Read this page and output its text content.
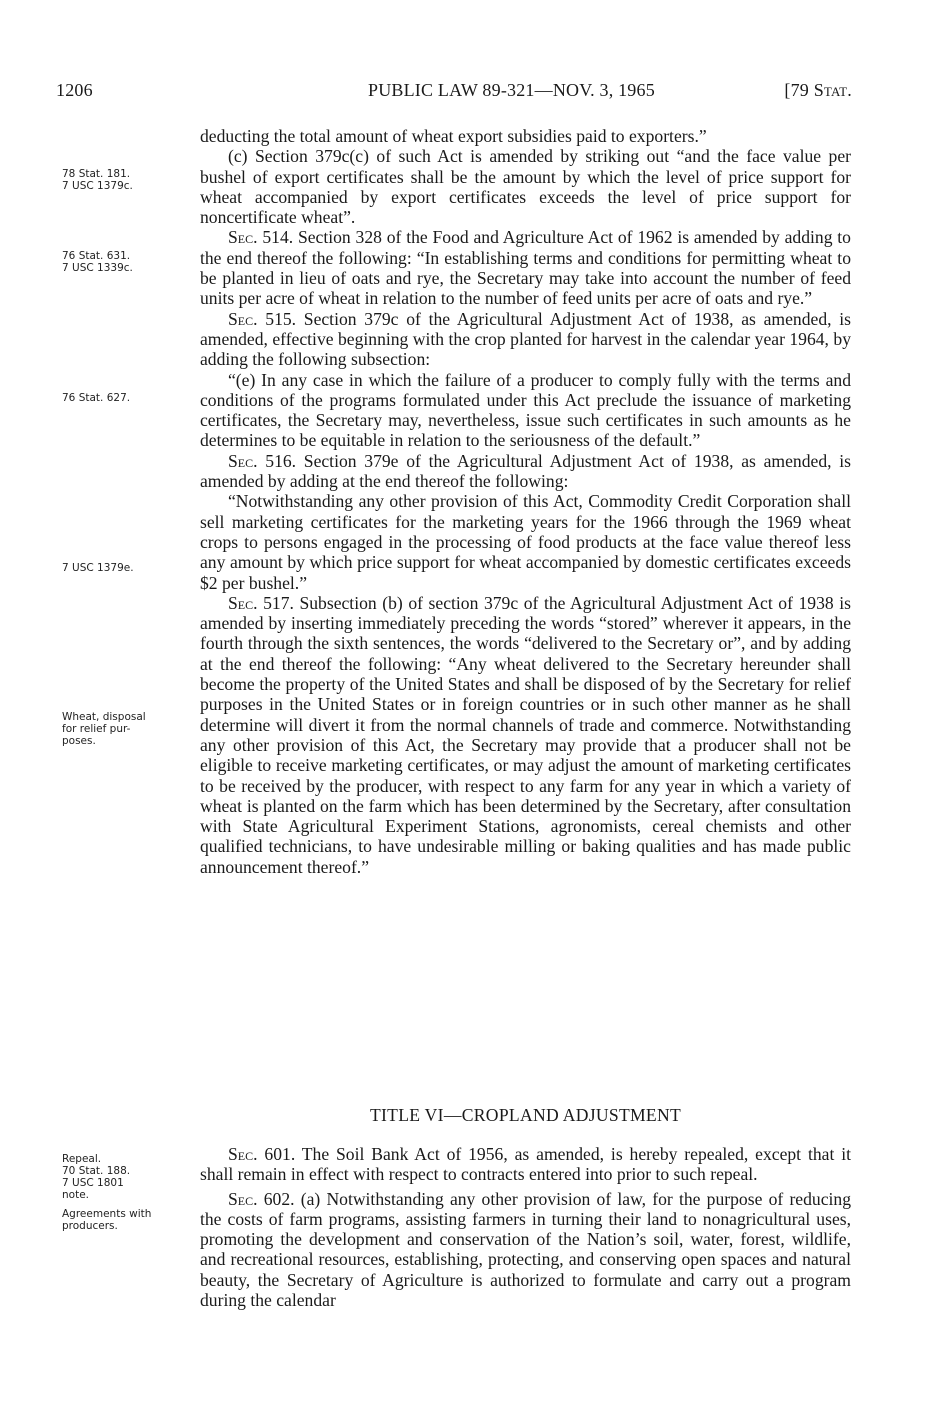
1206	PUBLIC LAW 89-321—NOV. 3, 1965	[79 Stat.
78 Stat. 181.
7 USC 1379c.
76 Stat. 631.
7 USC 1339c.
76 Stat. 627.
7 USC 1379e.
Wheat, disposal
for relief pur-
poses.
Repeal.
70 Stat. 188.
7 USC 1801
note.
Agreements with
producers.

deducting the total amount of wheat export subsidies paid to exporters.”

(c) Section 379c(c) of such Act is amended by striking out “and the face value per bushel of export certificates shall be the amount by which the level of price support for wheat accompanied by export certificates exceeds the level of price support for noncertificate wheat”.

Sec. 514. Section 328 of the Food and Agriculture Act of 1962 is amended by adding to the end thereof the following: “In establishing terms and conditions for permitting wheat to be planted in lieu of oats and rye, the Secretary may take into account the number of feed units per acre of wheat in relation to the number of feed units per acre of oats and rye.”

Sec. 515. Section 379c of the Agricultural Adjustment Act of 1938, as amended, is amended, effective beginning with the crop planted for harvest in the calendar year 1964, by adding the following subsection:

“(e) In any case in which the failure of a producer to comply fully with the terms and conditions of the programs formulated under this Act preclude the issuance of marketing certificates, the Secretary may, nevertheless, issue such certificates in such amounts as he determines to be equitable in relation to the seriousness of the default.”

Sec. 516. Section 379e of the Agricultural Adjustment Act of 1938, as amended, is amended by adding at the end thereof the following:

“Notwithstanding any other provision of this Act, Commodity Credit Corporation shall sell marketing certificates for the marketing years for the 1966 through the 1969 wheat crops to persons engaged in the processing of food products at the face value thereof less any amount by which price support for wheat accompanied by domestic certificates exceeds $2 per bushel.”

Sec. 517. Subsection (b) of section 379c of the Agricultural Adjustment Act of 1938 is amended by inserting immediately preceding the words “stored” wherever it appears, in the fourth through the sixth sentences, the words “delivered to the Secretary or”, and by adding at the end thereof the following: “Any wheat delivered to the Secretary hereunder shall become the property of the United States and shall be disposed of by the Secretary for relief purposes in the United States or in foreign countries or in such other manner as he shall determine will divert it from the normal channels of trade and commerce. Notwithstanding any other provision of this Act, the Secretary may provide that a producer shall not be eligible to receive marketing certificates, or may adjust the amount of marketing certificates to be received by the producer, with respect to any farm for any year in which a variety of wheat is planted on the farm which has been determined by the Secretary, after consultation with State Agricultural Experiment Stations, agronomists, cereal chemists and other qualified technicians, to have undesirable milling or baking qualities and has made public announcement thereof.”

TITLE VI—CROPLAND ADJUSTMENT

Sec. 601. The Soil Bank Act of 1956, as amended, is hereby repealed, except that it shall remain in effect with respect to contracts entered into prior to such repeal.

Sec. 602. (a) Notwithstanding any other provision of law, for the purpose of reducing the costs of farm programs, assisting farmers in turning their land to nonagricultural uses, promoting the development and conservation of the Nation’s soil, water, forest, wildlife, and recreational resources, establishing, protecting, and conserving open spaces and natural beauty, the Secretary of Agriculture is authorized to formulate and carry out a program during the calendar
